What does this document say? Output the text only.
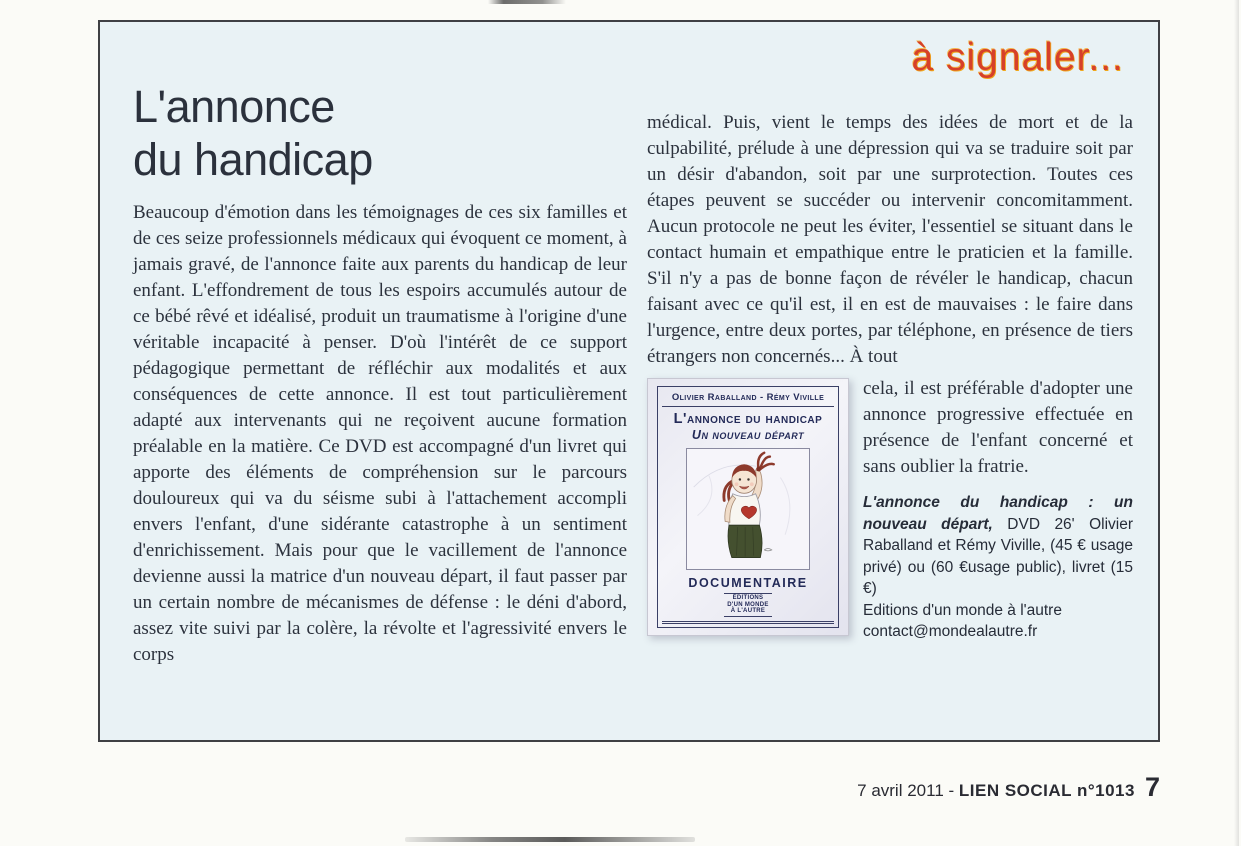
à signaler...
L'annonce
du handicap
Beaucoup d'émotion dans les témoignages de ces six familles et de ces seize professionnels médicaux qui évoquent ce moment, à jamais gravé, de l'annonce faite aux parents du handicap de leur enfant. L'effondrement de tous les espoirs accumulés autour de ce bébé rêvé et idéalisé, produit un traumatisme à l'origine d'une véritable incapacité à penser. D'où l'intérêt de ce support pédagogique permettant de réfléchir aux modalités et aux conséquences de cette annonce. Il est tout particulièrement adapté aux intervenants qui ne reçoivent aucune formation préalable en la matière. Ce DVD est accompagné d'un livret qui apporte des éléments de compréhension sur le parcours douloureux qui va du séisme subi à l'attachement accompli envers l'enfant, d'une sidérante catastrophe à un sentiment d'enrichissement. Mais pour que le vacillement de l'annonce devienne aussi la matrice d'un nouveau départ, il faut passer par un certain nombre de mécanismes de défense : le déni d'abord, assez vite suivi par la colère, la révolte et l'agressivité envers le corps

médical. Puis, vient le temps des idées de mort et de la culpabilité, prélude à une dépression qui va se traduire soit par un désir d'abandon, soit par une surprotection. Toutes ces étapes peuvent se succéder ou intervenir concomitamment. Aucun protocole ne peut les éviter, l'essentiel se situant dans le contact humain et empathique entre le praticien et la famille. S'il n'y a pas de bonne façon de révéler le handicap, chacun faisant avec ce qu'il est, il en est de mauvaises : le faire dans l'urgence, entre deux portes, par téléphone, en présence de tiers étrangers non concernés... À tout

Olivier Raballand - Rémy Viville
L'annonce du handicap
Un nouveau départ
DOCUMENTAIRE
ÉDITIONS
D'UN MONDE
À L'AUTRE

cela, il est préférable d'adopter une annonce progressive effectuée en présence de l'enfant concerné et sans oublier la fratrie.

L'annonce du handicap : un nouveau départ, DVD 26' Olivier Raballand et Rémy Viville, (45 € usage privé) ou (60 €usage public), livret (15 €)

Editions d'un monde à l'autre
contact@mondealautre.fr
7 avril 2011 - LIEN SOCIAL n°1013 7
